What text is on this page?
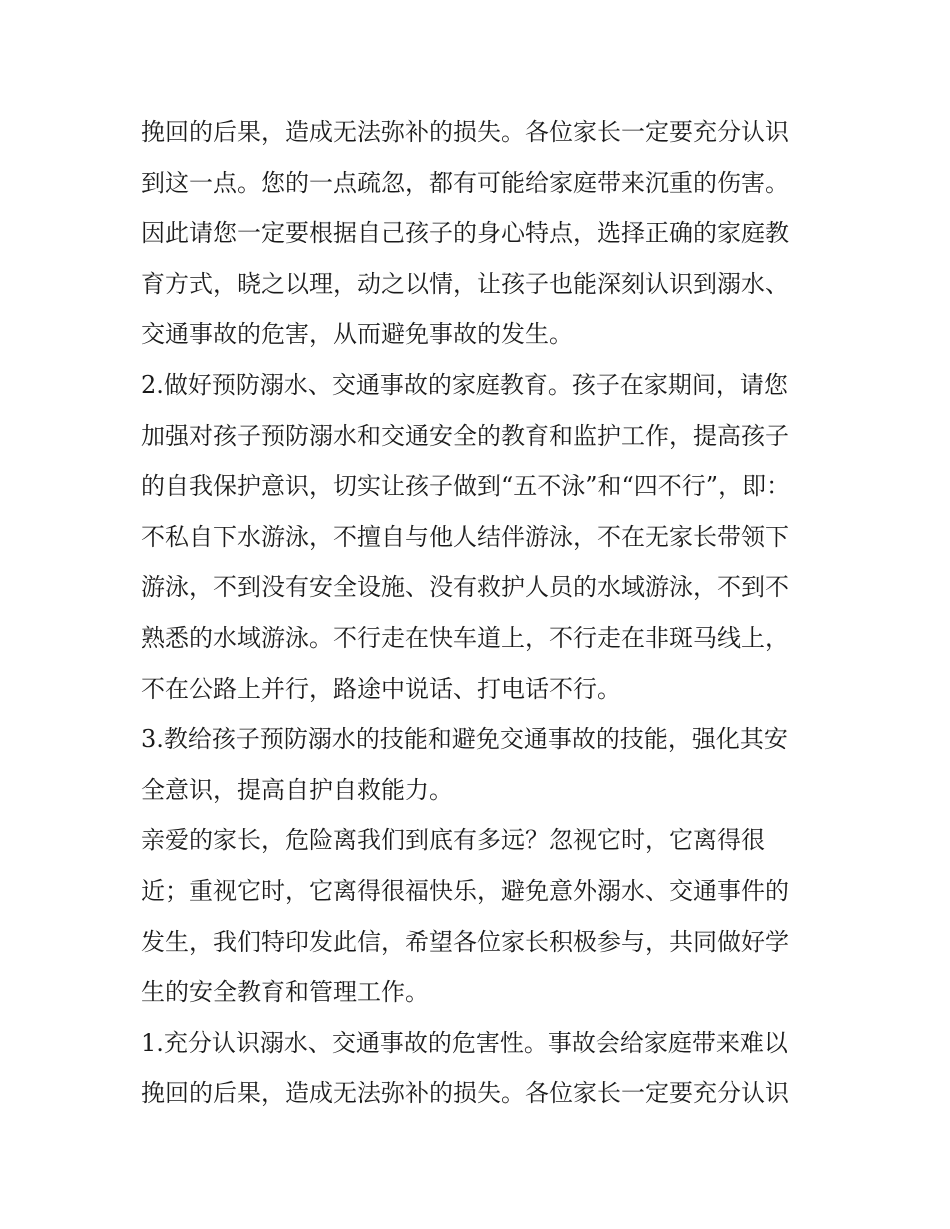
挽回的后果，造成无法弥补的损失。各位家长一定要充分认识
到这一点。您的一点疏忽，都有可能给家庭带来沉重的伤害。
因此请您一定要根据自己孩子的身心特点，选择正确的家庭教
育方式，晓之以理，动之以情，让孩子也能深刻认识到溺水、
交通事故的危害，从而避免事故的发生。
2.做好预防溺水、交通事故的家庭教育。孩子在家期间，请您
加强对孩子预防溺水和交通安全的教育和监护工作，提高孩子
的自我保护意识，切实让孩子做到“五不泳”和“四不行”，即：
不私自下水游泳，不擅自与他人结伴游泳，不在无家长带领下
游泳，不到没有安全设施、没有救护人员的水域游泳，不到不
熟悉的水域游泳。不行走在快车道上，不行走在非斑马线上，
不在公路上并行，路途中说话、打电话不行。
3.教给孩子预防溺水的技能和避免交通事故的技能，强化其安
全意识，提高自护自救能力。
亲爱的家长，危险离我们到底有多远？忽视它时，它离得很
近；重视它时，它离得很福快乐，避免意外溺水、交通事件的
发生，我们特印发此信，希望各位家长积极参与，共同做好学
生的安全教育和管理工作。
1.充分认识溺水、交通事故的危害性。事故会给家庭带来难以
挽回的后果，造成无法弥补的损失。各位家长一定要充分认识
